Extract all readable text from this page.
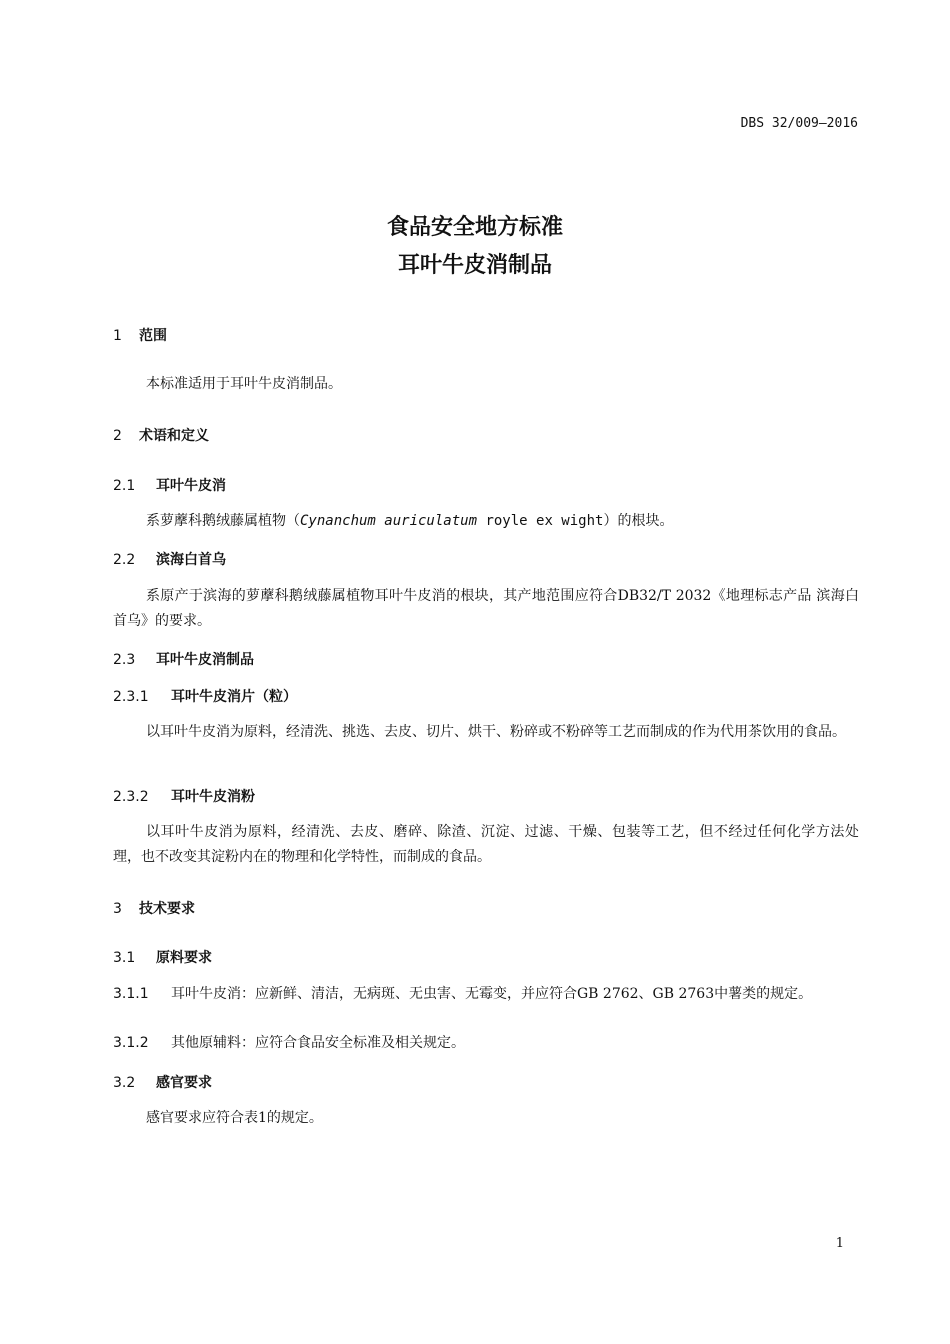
DBS 32/009—2016
食品安全地方标准
耳叶牛皮消制品
1 范围
本标准适用于耳叶牛皮消制品。
2 术语和定义
2.1 耳叶牛皮消
系萝藦科鹅绒藤属植物（Cynanchum auriculatum royle ex wight）的根块。
2.2 滨海白首乌
系原产于滨海的萝藦科鹅绒藤属植物耳叶牛皮消的根块，其产地范围应符合DB32/T 2032《地理标志产品 滨海白首乌》的要求。
2.3 耳叶牛皮消制品
2.3.1 耳叶牛皮消片（粒）
以耳叶牛皮消为原料，经清洗、挑选、去皮、切片、烘干、粉碎或不粉碎等工艺而制成的作为代用茶饮用的食品。
2.3.2 耳叶牛皮消粉
以耳叶牛皮消为原料，经清洗、去皮、磨碎、除渣、沉淀、过滤、干燥、包装等工艺，但不经过任何化学方法处理，也不改变其淀粉内在的物理和化学特性，而制成的食品。
3 技术要求
3.1 原料要求
3.1.1 耳叶牛皮消：应新鲜、清洁，无病斑、无虫害、无霉变，并应符合GB 2762、GB 2763中薯类的规定。
3.1.2 其他原辅料：应符合食品安全标准及相关规定。
3.2 感官要求
感官要求应符合表1的规定。
1
